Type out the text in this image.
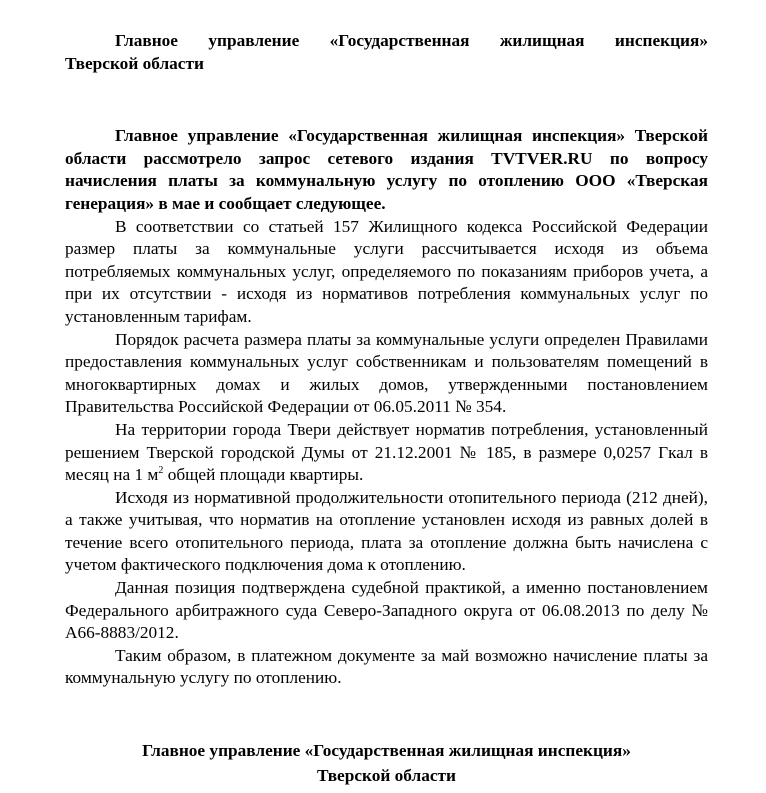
Главное управление «Государственная жилищная инспекция»
Тверской области
Главное управление «Государственная жилищная инспекция» Тверской области рассмотрело запрос сетевого издания TVTVER.RU по вопросу начисления платы за коммунальную услугу по отоплению ООО «Тверская генерация» в мае и сообщает следующее.
В соответствии со статьей 157 Жилищного кодекса Российской Федерации размер платы за коммунальные услуги рассчитывается исходя из объема потребляемых коммунальных услуг, определяемого по показаниям приборов учета, а при их отсутствии - исходя из нормативов потребления коммунальных услуг по установленным тарифам.
Порядок расчета размера платы за коммунальные услуги определен Правилами предоставления коммунальных услуг собственникам и пользователям помещений в многоквартирных домах и жилых домов, утвержденными постановлением Правительства Российской Федерации от 06.05.2011 № 354.
На территории города Твери действует норматив потребления, установленный решением Тверской городской Думы от 21.12.2001 № 185, в размере 0,0257 Гкал в месяц на 1 $м^2$ общей площади квартиры.
Исходя из нормативной продолжительности отопительного периода (212 дней), а также учитывая, что норматив на отопление установлен исходя из равных долей в течение всего отопительного периода, плата за отопление должна быть начислена с учетом фактического подключения дома к отоплению.
Данная позиция подтверждена судебной практикой, а именно постановлением Федерального арбитражного суда Северо-Западного округа от 06.08.2013 по делу № А66-8883/2012.
Таким образом, в платежном документе за май возможно начисление платы за коммунальную услугу по отоплению.
Главное управление «Государственная жилищная инспекция»
Тверской области
